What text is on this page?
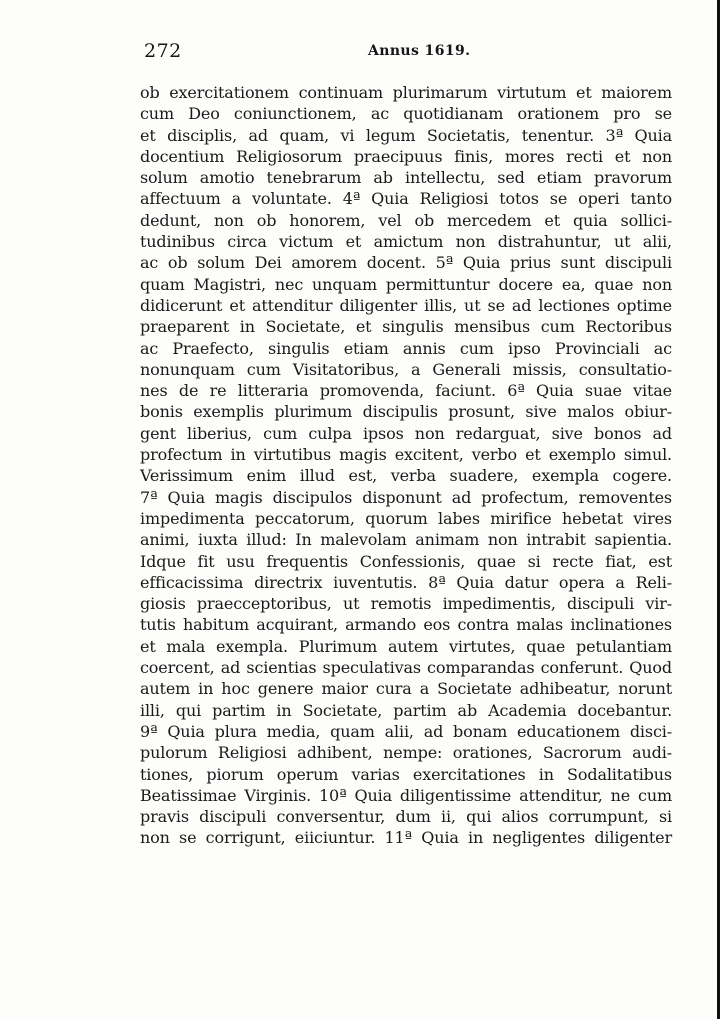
272	Annus 1619.
ob exercitationem continuam plurimarum virtutum et maiorem
cum Deo coniunctionem, ac quotidianam orationem pro se
et disciplis, ad quam, vi legum Societatis, tenentur. 3ª Quia
docentium Religiosorum praecipuus finis, mores recti et non
solum amotio tenebrarum ab intellectu, sed etiam pravorum
affectuum a voluntate. 4ª Quia Religiosi totos se operi tanto
dedunt, non ob honorem, vel ob mercedem et quia sollici-
tudinibus circa victum et amictum non distrahuntur, ut alii,
ac ob solum Dei amorem docent. 5ª Quia prius sunt discipuli
quam Magistri, nec unquam permittuntur docere ea, quae non
didicerunt et attenditur diligenter illis, ut se ad lectiones optime
praeparent in Societate, et singulis mensibus cum Rectoribus
ac Praefecto, singulis etiam annis cum ipso Provinciali ac
nonunquam cum Visitatoribus, a Generali missis, consultatio-
nes de re litteraria promovenda, faciunt. 6ª Quia suae vitae
bonis exemplis plurimum discipulis prosunt, sive malos obiur-
gent liberius, cum culpa ipsos non redarguat, sive bonos ad
profectum in virtutibus magis excitent, verbo et exemplo simul.
Verissimum enim illud est, verba suadere, exempla cogere.
7ª Quia magis discipulos disponunt ad profectum, removentes
impedimenta peccatorum, quorum labes mirifice hebetat vires
animi, iuxta illud: In malevolam animam non intrabit sapientia.
Idque fit usu frequentis Confessionis, quae si recte fiat, est
efficacissima directrix iuventutis. 8ª Quia datur opera a Reli-
giosis praecceptoribus, ut remotis impedimentis, discipuli vir-
tutis habitum acquirant, armando eos contra malas inclinationes
et mala exempla. Plurimum autem virtutes, quae petulantiam
coercent, ad scientias speculativas comparandas conferunt. Quod
autem in hoc genere maior cura a Societate adhibeatur, norunt
illi, qui partim in Societate, partim ab Academia docebantur.
9ª Quia plura media, quam alii, ad bonam educationem disci-
pulorum Religiosi adhibent, nempe: orationes, Sacrorum audi-
tiones, piorum operum varias exercitationes in Sodalitatibus
Beatissimae Virginis. 10ª Quia diligentissime attenditur, ne cum
pravis discipuli conversentur, dum ii, qui alios corrumpunt, si
non se corrigunt, eiiciuntur. 11ª Quia in negligentes diligenter
